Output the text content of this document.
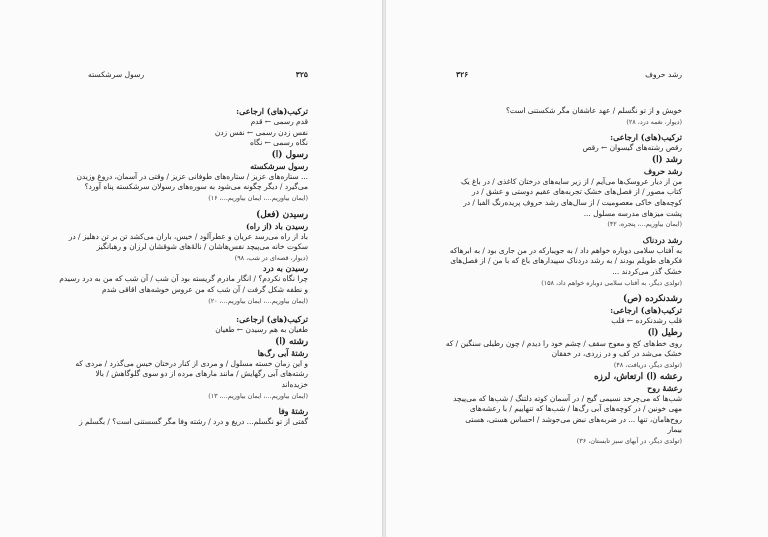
۳۲۵
رسول سرشکسته
ترکیب(های) ارجاعی:
قدم رسمی ← قدم
نفس زدن رسمی ← نفس زدن
نگاه رسمی ← نگاه
رسول (ا)
رسول سرشکسته
... ستاره‌های عزیز / ستاره‌های طوفانی عزیز / وقتی در آسمان، دروغ وزیدن
می‌گیرد / دیگر چگونه می‌شود به سوره‌های رسولان سرشکسته پناه آورد؟
(ایمان بیاوریم...، ایمان بیاوریم...، ۱۶)
رسیدن (فعل)
رسیدن باد (از راه)
باد از راه می‌رسد عریان و عطرآلود / خیس، باران می‌کشد تن بر تن دهلیز / در
سکوت خانه می‌پیچد نفس‌هاشان / نالهٔ‌های شوقشان لرزان و رهبانگیز
(دیوار، قصه‌ای در شب، ۹۸)
رسیدن به درد
چرا نگاه نکردم؟ / انگار مادرم گریسته بود آن شب / آن شب که من به درد رسیدم
و نطفه شکل گرفت / آن شب که من عروس خوشه‌های اقاقی شدم
(ایمان بیاوریم...، ایمان بیاوریم...، ۲۰)
ترکیب(های) ارجاعی:
طغیان به هم رسیدن ← طغیان
رشته (ا)
رشتهٔ آبی رگ‌ها
و این زمان خسته مسلول / و مردی از کنار درختان خیس می‌گذرد / مردی که
رشته‌های آبی رگهایش / مانند مارهای مرده از دو سوی گلوگاهش / بالا
خزیده‌اند
(ایمان بیاوریم...، ایمان بیاوریم...، ۱۳)
رشتهٔ وفا
گفتی از تو نگسلم... دریغ و درد / رشته وفا مگر گسستنی است؟ / بگسلم ز
رشد حروف
۳۲۶
خویش و از تو نگسلم / عهد عاشقان مگر شکستنی است؟
(دیوار، نغمه درد، ۲۸)
ترکیب(های) ارجاعی:
رقص رشته‌های گیسوان ← رقص
رشد (ا)
رشد حروف
من از دیار عروسک‌ها می‌آیم / از زیر سایه‌های درختان کاغذی / در باغ یک
کتاب مصور / از فصل‌های خشک تجربه‌های عقیم دوستی و عشق / در
کوچه‌های خاکی معصومیت / از سال‌های رشد حروف پریده‌رنگ الفبا / در
پشت میزهای مدرسه مسلول ...
(ایمان بیاوریم...، پنجره، ۴۲)
رشد دردناک
به آفتاب سلامی دوباره خواهم داد / به جویبارکه در من جاری بود / به ابرهاکه
فکرهای طویلم بودند / به رشد دردناک سپیدارهای باغ که با من / از فصل‌های
خشک گذر می‌کردند ...
(تولدی دیگر، به آفتاب سلامی دوباره خواهم داد، ۱۵۸)
رشدنکرده (ص)
ترکیب(های) ارجاعی:
قلب رشدنکرده ← قلب
رطیل (ا)
روی خط‌های کج و معوج سقف / چشم خود را دیدم / چون رطیلی سنگین / که
خشک می‌شد در کف و در زردی، در خفقان
(تولدی دیگر، دریافت، ۴۸)
رعشه (ا) ارتعاش، لرزه
رعشهٔ روح
شب‌ها که می‌چرخد نسیمی گیج / در آسمان کوته دلتنگ / شب‌ها که می‌پیچد
مهی خونین / در کوچه‌های آبی رگ‌ها / شب‌ها که تنهاییم / با رعشه‌های
روح‌هامان، تنها ... در ضربه‌های نبض می‌جوشد / احساس هستی، هستی
بیمار
(تولدی دیگر، در آبهای سبز تابستان، ۳۶)
